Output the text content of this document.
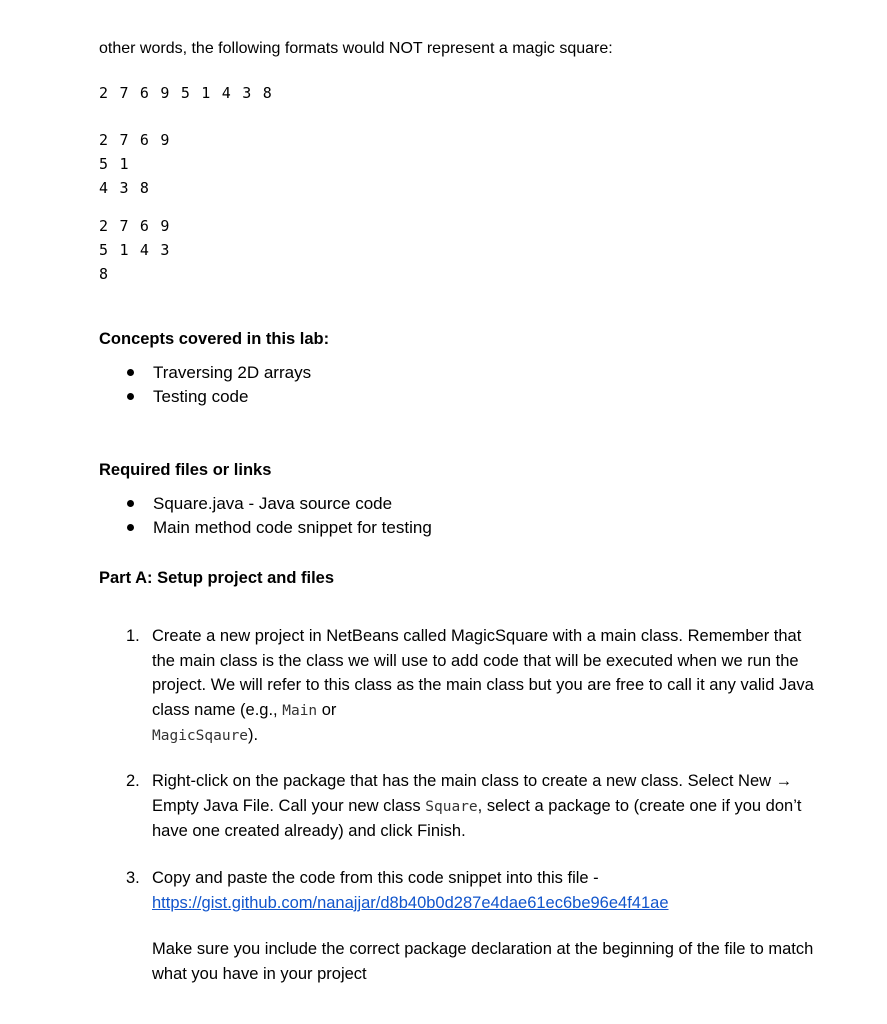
other words, the following formats would NOT represent a magic square:
2 7 6 9 5 1 4 3 8
2 7 6 9
5 1
4 3 8
2 7 6 9
5 1 4 3
8
Concepts covered in this lab:
Traversing 2D arrays
Testing code
Required files or links
Square.java - Java source code
Main method code snippet for testing
Part A: Setup project and files
1. Create a new project in NetBeans called MagicSquare with a main class. Remember that the main class is the class we will use to add code that will be executed when we run the project. We will refer to this class as the main class but you are free to call it any valid Java class name (e.g., Main or
MagicSqaure).
2. Right-click on the package that has the main class to create a new class. Select New → Empty Java File. Call your new class Square, select a package to (create one if you don’t have one created already) and click Finish.
3. Copy and paste the code from this code snippet into this file -
https://gist.github.com/nanajjar/d8b40b0d287e4dae61ec6be96e4f41ae
Make sure you include the correct package declaration at the beginning of the file to match what you have in your project
